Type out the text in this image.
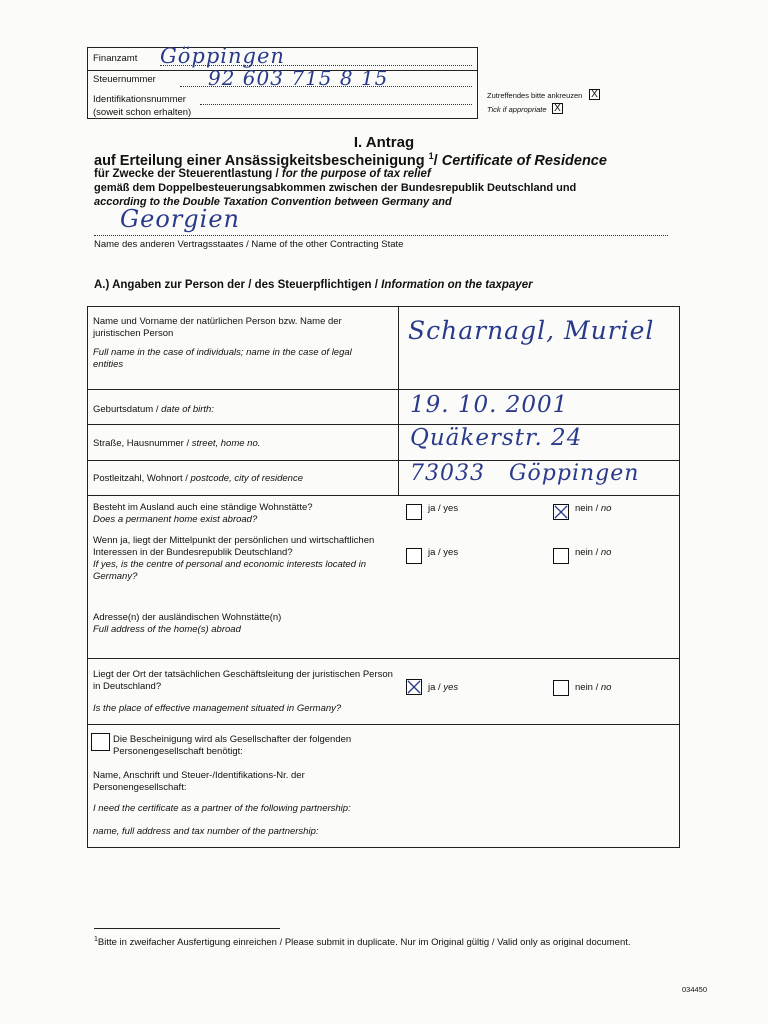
Finanzamt Göppingen
Steuernummer	92 603 715 8 15
Identifikationsnummer
(soweit schon erhalten)
Zutreffendes bitte ankreuzen X
Tick if appropriate X
I. Antrag
auf Erteilung einer Ansässigkeitsbescheinigung $^1$/ Certificate of Residence
für Zwecke der Steuerentlastung / for the purpose of tax relief
gemäß dem Doppelbesteuerungsabkommen zwischen der Bundesrepublik Deutschland und
according to the Double Taxation Convention between Germany and
Georgien
Name des anderen Vertragsstaates / Name of the other Contracting State
A.) Angaben zur Person der / des Steuerpflichtigen / Information on the taxpayer
Name und Vorname der natürlichen Person bzw. Name der juristischen Person
Full name in the case of individuals; name in the case of legal entities
Scharnagl, Muriel
Geburtsdatum / date of birth:	19. 10. 2001
Straße, Hausnummer / street, home no.	Quäkerstr. 24
Postleitzahl, Wohnort / postcode, city of residence	73033   Göppingen
Besteht im Ausland auch eine ständige Wohnstätte?
Does a permanent home exist abroad?
ja / yes	nein / no
Wenn ja, liegt der Mittelpunkt der persönlichen und wirtschaftlichen Interessen in der Bundesrepublik Deutschland?
If yes, is the centre of personal and economic interests located in Germany?
ja / yes	nein / no
Adresse(n) der ausländischen Wohnstätte(n)
Full address of the home(s) abroad
Liegt der Ort der tatsächlichen Geschäftsleitung der juristischen Person in Deutschland?
Is the place of effective management situated in Germany?
ja / yes	nein / no
Die Bescheinigung wird als Gesellschafter der folgenden Personengesellschaft benötigt:
Name, Anschrift und Steuer-/Identifikations-Nr. der Personengesellschaft:
I need the certificate as a partner of the following partnership:
name, full address and tax number of the partnership:
$^1$Bitte in zweifacher Ausfertigung einreichen / Please submit in duplicate. Nur im Original gültig / Valid only as original document.
034450
